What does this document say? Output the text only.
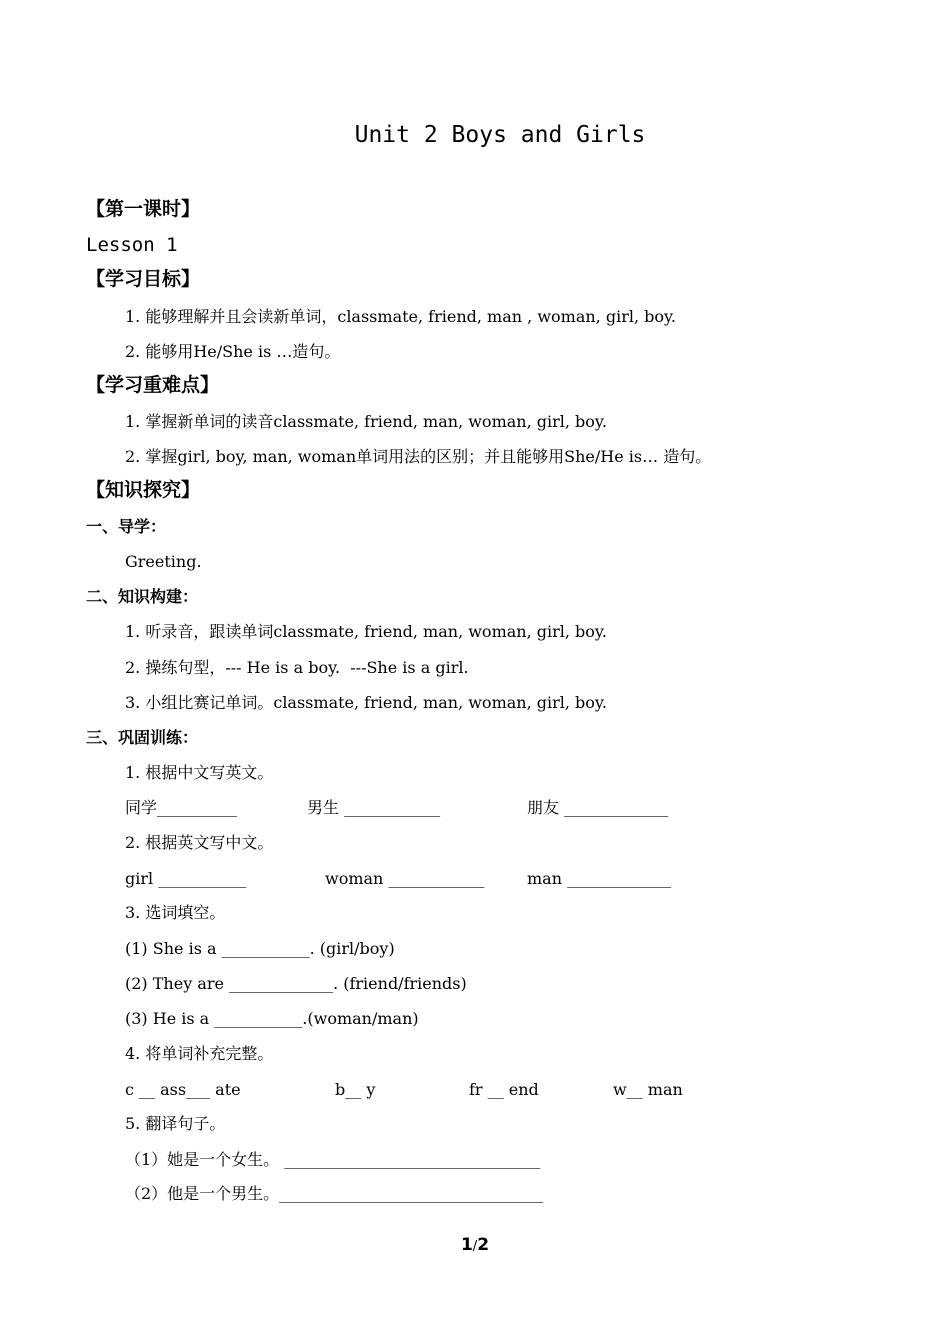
Unit 2 Boys and Girls
【第一课时】
Lesson 1
【学习目标】
1. 能够理解并且会读新单词，classmate, friend, man , woman, girl, boy.
2. 能够用He/She is …造句。
【学习重难点】
1. 掌握新单词的读音classmate, friend, man, woman, girl, boy.
2. 掌握girl, boy, man, woman单词用法的区别；并且能够用She/He is… 造句。
【知识探究】
一、导学：
Greeting.
二、知识构建：
1. 听录音，跟读单词classmate, friend, man, woman, girl, boy.
2. 操练句型，--- He is a boy.  ---She is a girl.
3. 小组比赛记单词。classmate, friend, man, woman, girl, boy.
三、巩固训练：
1. 根据中文写英文。
同学__________	男生 ____________	朋友 _____________
2. 根据英文写中文。
girl ___________	woman ____________	man _____________
3. 选词填空。
(1) She is a ___________. (girl/boy)
(2) They are _____________. (friend/friends)
(3) He is a ___________.(woman/man)
4. 将单词补充完整。
c __ ass___ ate	b__ y	fr __ end	w__ man
5. 翻译句子。
（1）她是一个女生。 ________________________________
（2）他是一个男生。_________________________________
1/2
